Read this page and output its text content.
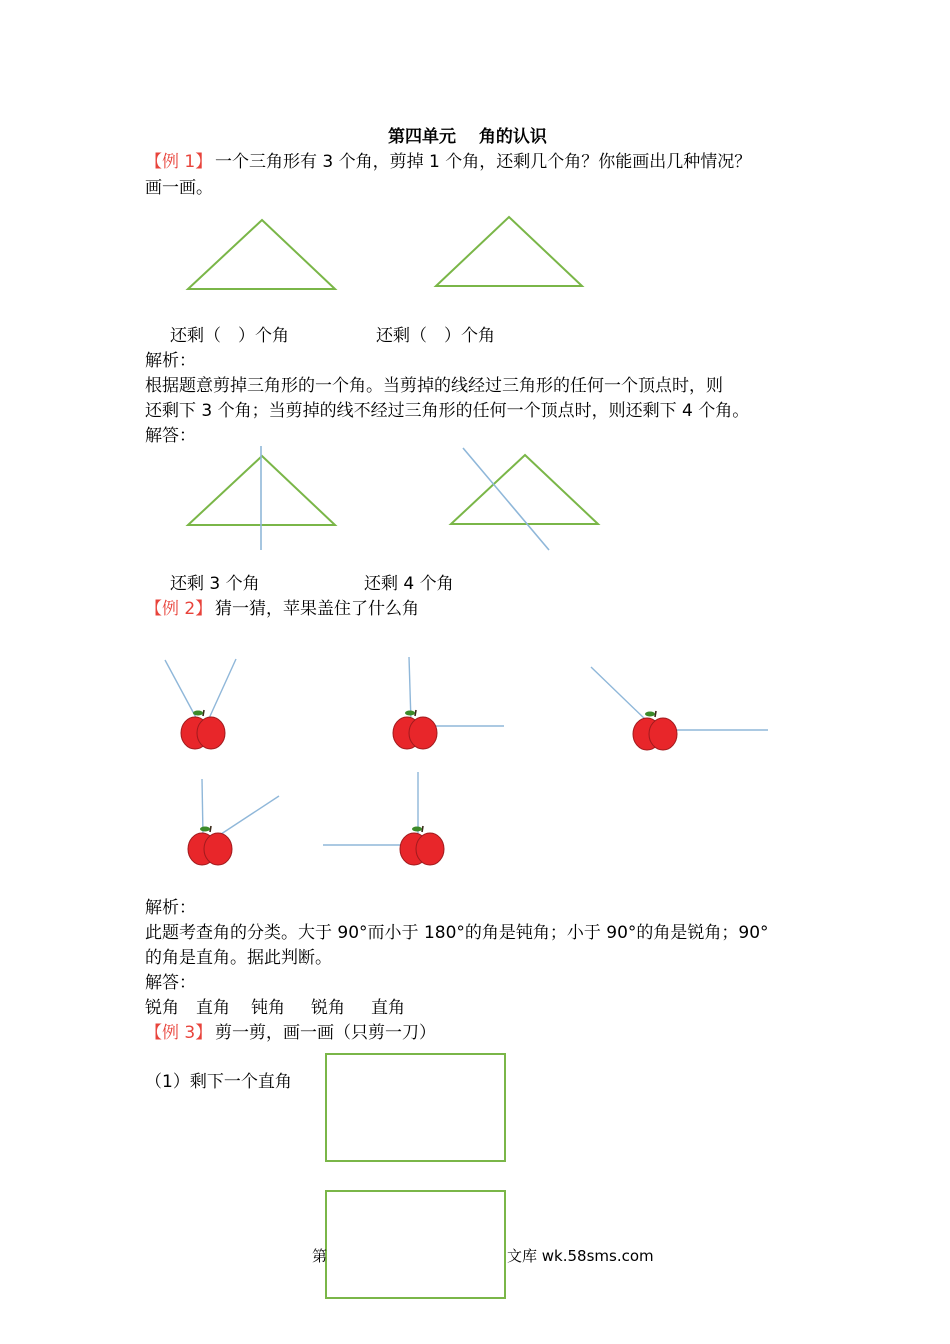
第四单元　 角的认识
【例 1】 一个三角形有 3 个角，剪掉 1 个角，还剩几个角？你能画出几种情况？
画一画。
还剩（　）个角	还剩（　）个角
解析：
根据题意剪掉三角形的一个角。当剪掉的线经过三角形的任何一个顶点时，则
还剩下 3 个角；当剪掉的线不经过三角形的任何一个顶点时，则还剩下 4 个角。
解答：
还剩 3 个角	还剩 4 个角
【例 2】 猜一猜，苹果盖住了什么角
解析：
此题考查角的分类。大于 90°而小于 180°的角是钝角；小于 90°的角是锐角；90°
的角是直角。据此判断。
解答：
锐角 直角 钝角 锐角 直角
【例 3】 剪一剪，画一画（只剪一刀）
（1）剩下一个直角
第	文库 wk.58sms.com
